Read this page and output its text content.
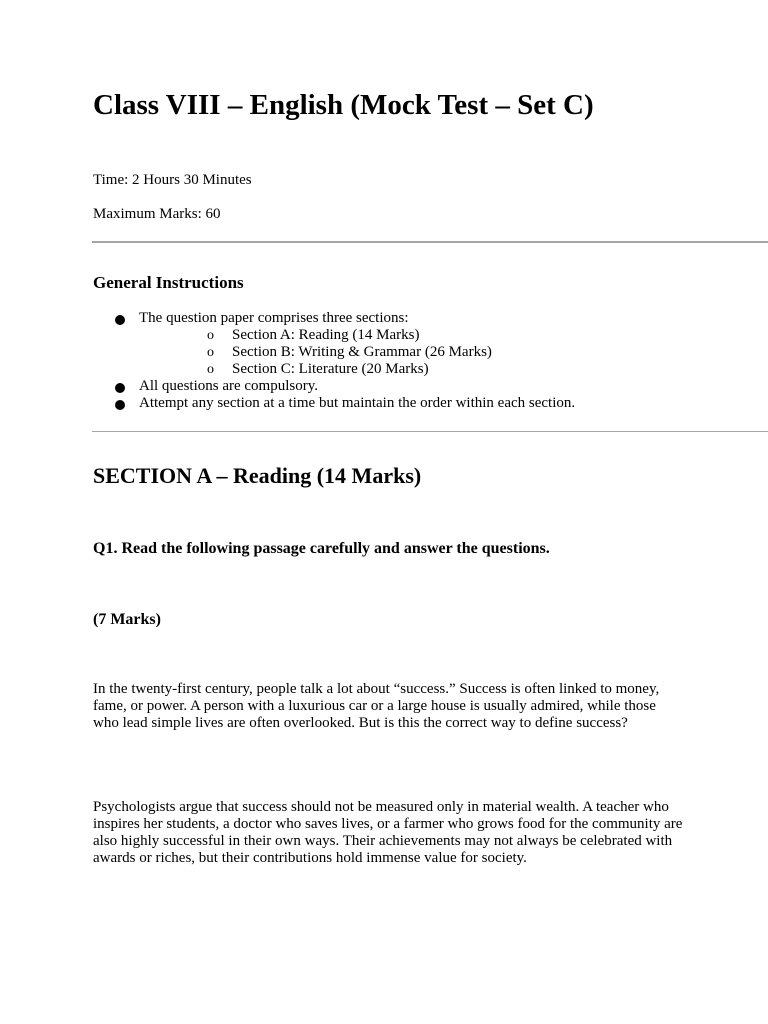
Class VIII – English (Mock Test – Set C)

Time: 2 Hours 30 Minutes

Maximum Marks: 60

General Instructions
The question paper comprises three sections:
o Section A: Reading (14 Marks)
o Section B: Writing & Grammar (26 Marks)
o Section C: Literature (20 Marks)
All questions are compulsory.
Attempt any section at a time but maintain the order within each section.
SECTION A – Reading (14 Marks)

Q1. Read the following passage carefully and answer the questions.

(7 Marks)

In the twenty-first century, people talk a lot about “success.” Success is often linked to money, fame, or power. A person with a luxurious car or a large house is usually admired, while those who lead simple lives are often overlooked. But is this the correct way to define success?

Psychologists argue that success should not be measured only in material wealth. A teacher who inspires her students, a doctor who saves lives, or a farmer who grows food for the community are also highly successful in their own ways. Their achievements may not always be celebrated with awards or riches, but their contributions hold immense value for society.
